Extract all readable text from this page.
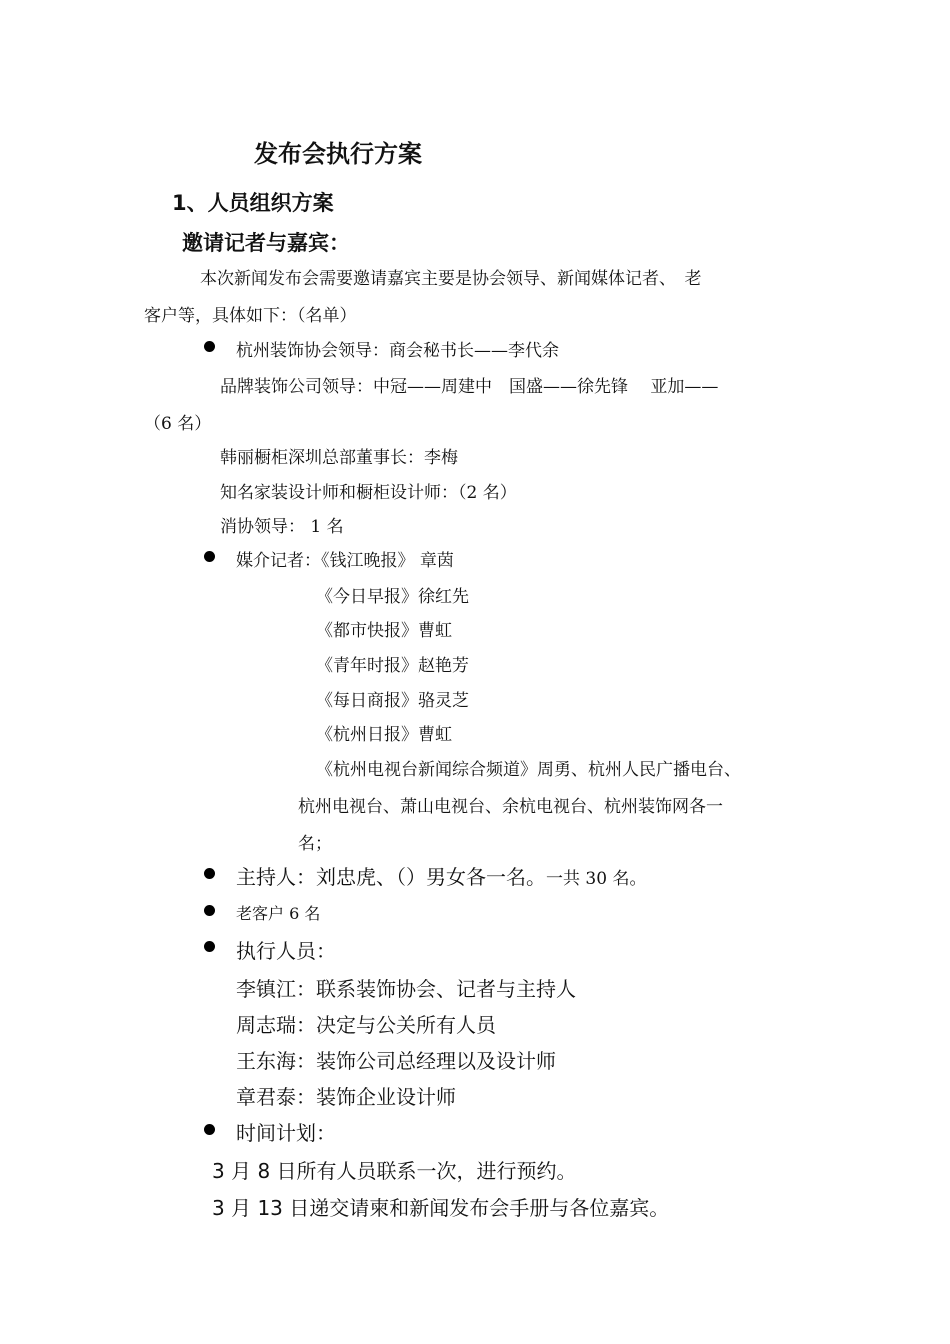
发布会执行方案
1、人员组织方案
邀请记者与嘉宾：
本次新闻发布会需要邀请嘉宾主要是协会领导、新闻媒体记者、　老
客户等，具体如下：（名单）
杭州装饰协会领导：商会秘书长——李代余
品牌装饰公司领导：中冠——周建中　国盛——徐先锋　 亚加——
（6 名）
韩丽橱柜深圳总部董事长：李梅
知名家装设计师和橱柜设计师：（2 名）
消协领导： 1 名
媒介记者：《钱江晚报》 章茵
《今日早报》徐红先
《都市快报》曹虹
《青年时报》赵艳芳
《每日商报》骆灵芝
《杭州日报》曹虹
《杭州电视台新闻综合频道》周勇、杭州人民广播电台、
杭州电视台、萧山电视台、余杭电视台、杭州装饰网各一
名；
主持人：刘忠虎、（）男女各一名。一共 30 名。
老客户 6 名
执行人员：
李镇江：联系装饰协会、记者与主持人
周志瑞：决定与公关所有人员
王东海：装饰公司总经理以及设计师
章君泰：装饰企业设计师
时间计划：
3 月 8 日所有人员联系一次，进行预约。
3 月 13 日递交请柬和新闻发布会手册与各位嘉宾。
